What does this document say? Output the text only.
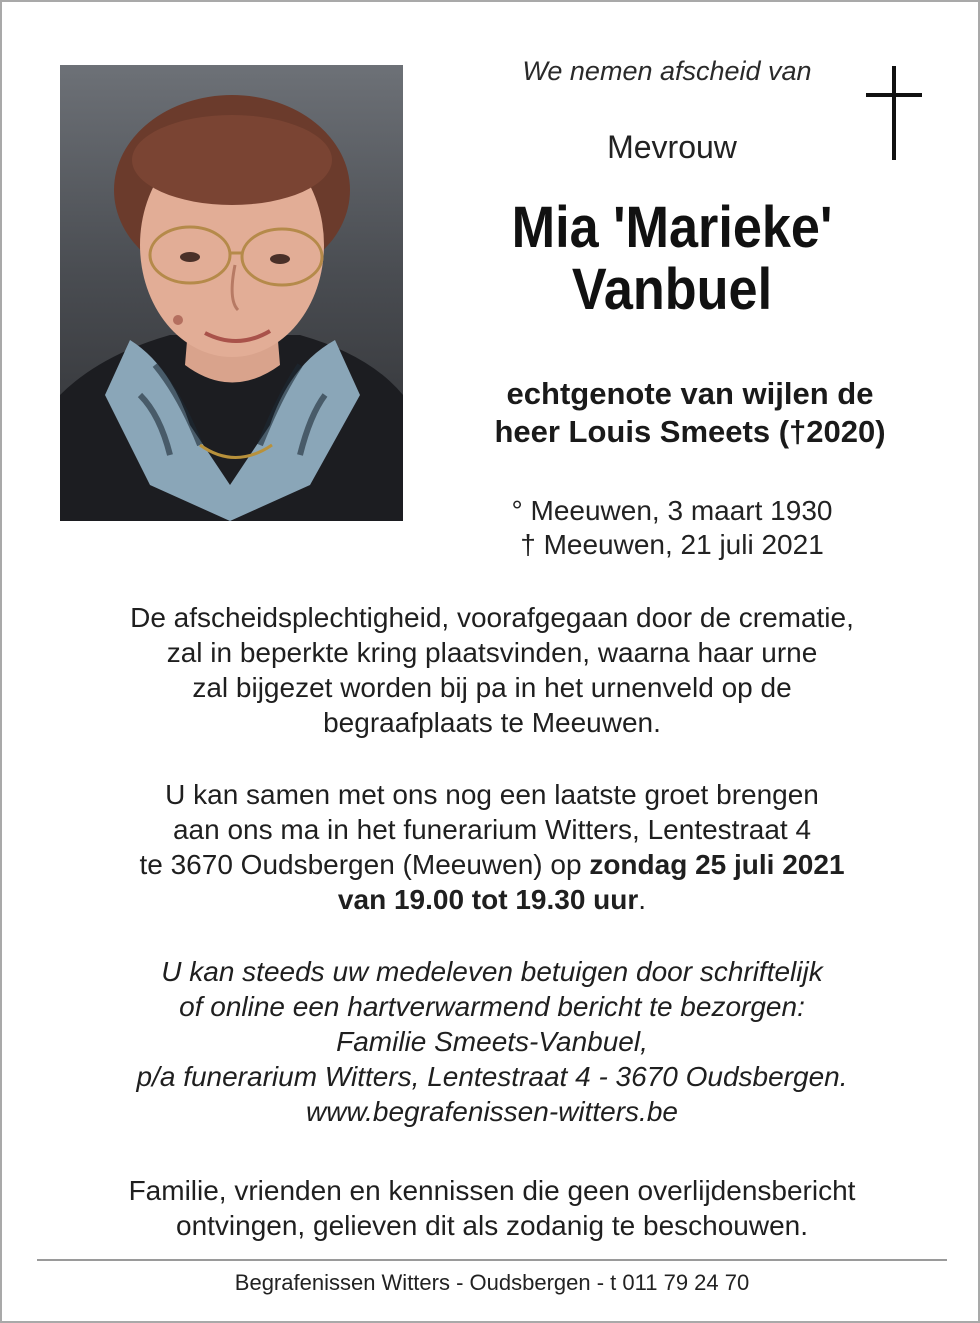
We nemen afscheid van
Mevrouw
Mia 'Marieke'
Vanbuel
echtgenote van wijlen de
heer Louis Smeets (†2020)
° Meeuwen, 3 maart 1930
† Meeuwen, 21 juli 2021
De afscheidsplechtigheid, voorafgegaan door de crematie,
zal in beperkte kring plaatsvinden, waarna haar urne
zal bijgezet worden bij pa in het urnenveld op de
begraafplaats te Meeuwen.
U kan samen met ons nog een laatste groet brengen
aan ons ma in het funerarium Witters, Lentestraat 4
te 3670 Oudsbergen (Meeuwen) op zondag 25 juli 2021
van 19.00 tot 19.30 uur.
U kan steeds uw medeleven betuigen door schriftelijk
of online een hartverwarmend bericht te bezorgen:
Familie Smeets-Vanbuel,
p/a funerarium Witters, Lentestraat 4 - 3670 Oudsbergen.
www.begrafenissen-witters.be
Familie, vrienden en kennissen die geen overlijdensbericht
ontvingen, gelieven dit als zodanig te beschouwen.
Begrafenissen Witters - Oudsbergen - t 011 79 24 70
